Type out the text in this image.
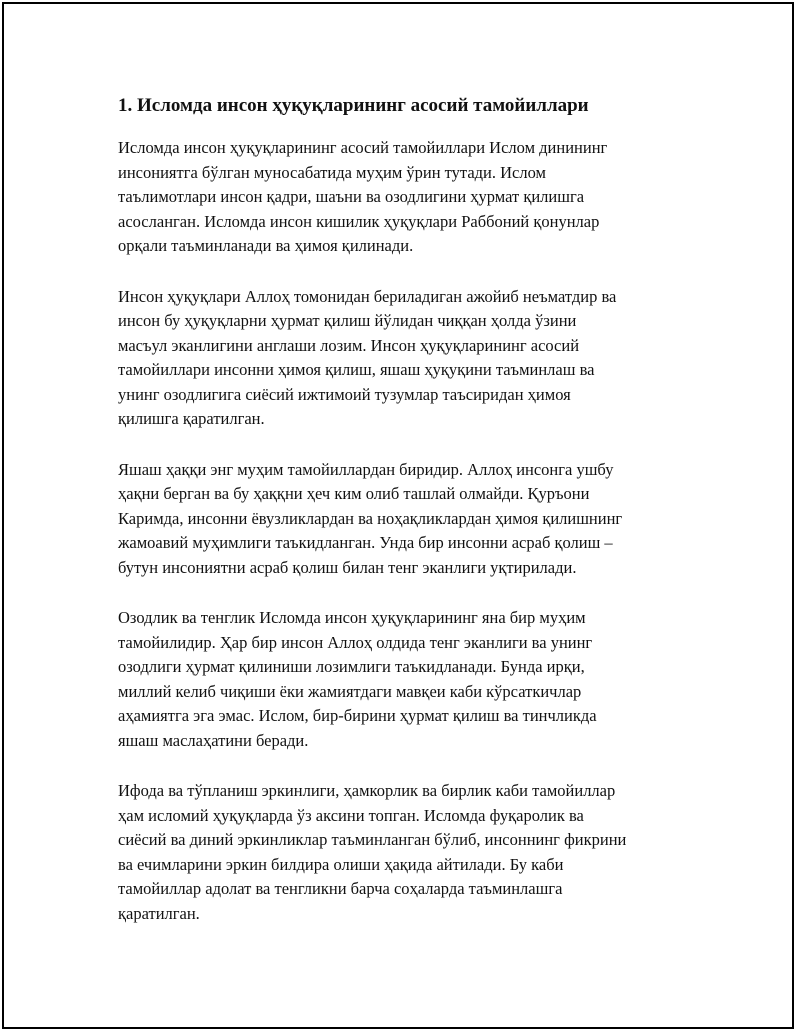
1. Исломда инсон ҳуқуқларининг асосий тамойиллари

Исломда инсон ҳуқуқларининг асосий тамойиллари Ислом динининг
инсониятга бўлган муносабатида муҳим ўрин тутади. Ислом
таълимотлари инсон қадри, шаъни ва озодлигини ҳурмат қилишга
асосланган. Исломда инсон кишилик ҳуқуқлари Раббоний қонунлар
орқали таъминланади ва ҳимоя қилинади.

Инсон ҳуқуқлари Аллоҳ томонидан бериладиган ажойиб неъматдир ва
инсон бу ҳуқуқларни ҳурмат қилиш йўлидан чиққан ҳолда ўзини
масъул эканлигини англаши лозим. Инсон ҳуқуқларининг асосий
тамойиллари инсонни ҳимоя қилиш, яшаш ҳуқуқини таъминлаш ва
унинг озодлигига сиёсий ижтимоий тузумлар таъсиридан ҳимоя
қилишга қаратилган.

Яшаш ҳаққи энг муҳим тамойиллардан биридир. Аллоҳ инсонга ушбу
ҳақни берган ва бу ҳаққни ҳеч ким олиб ташлай олмайди. Қуръони
Каримда, инсонни ёвузликлардан ва ноҳақликлардан ҳимоя қилишнинг
жамоавий муҳимлиги таъкидланган. Унда бир инсонни асраб қолиш –
бутун инсониятни асраб қолиш билан тенг эканлиги уқтирилади.

Озодлик ва тенглик Исломда инсон ҳуқуқларининг яна бир муҳим
тамойилидир. Ҳар бир инсон Аллоҳ олдида тенг эканлиги ва унинг
озодлиги ҳурмат қилиниши лозимлиги таъкидланади. Бунда ирқи,
миллий келиб чиқиши ёки жамиятдаги мавқеи каби кўрсаткичлар
аҳамиятга эга эмас. Ислом, бир-бирини ҳурмат қилиш ва тинчликда
яшаш маслаҳатини беради.

Ифода ва тўпланиш эркинлиги, ҳамкорлик ва бирлик каби тамойиллар
ҳам исломий ҳуқуқларда ўз аксини топган. Исломда фуқаролик ва
сиёсий ва диний эркинликлар таъминланган бўлиб, инсоннинг фикрини
ва ечимларини эркин билдира олиши ҳақида айтилади. Бу каби
тамойиллар адолат ва тенгликни барча соҳаларда таъминлашга
қаратилган.
